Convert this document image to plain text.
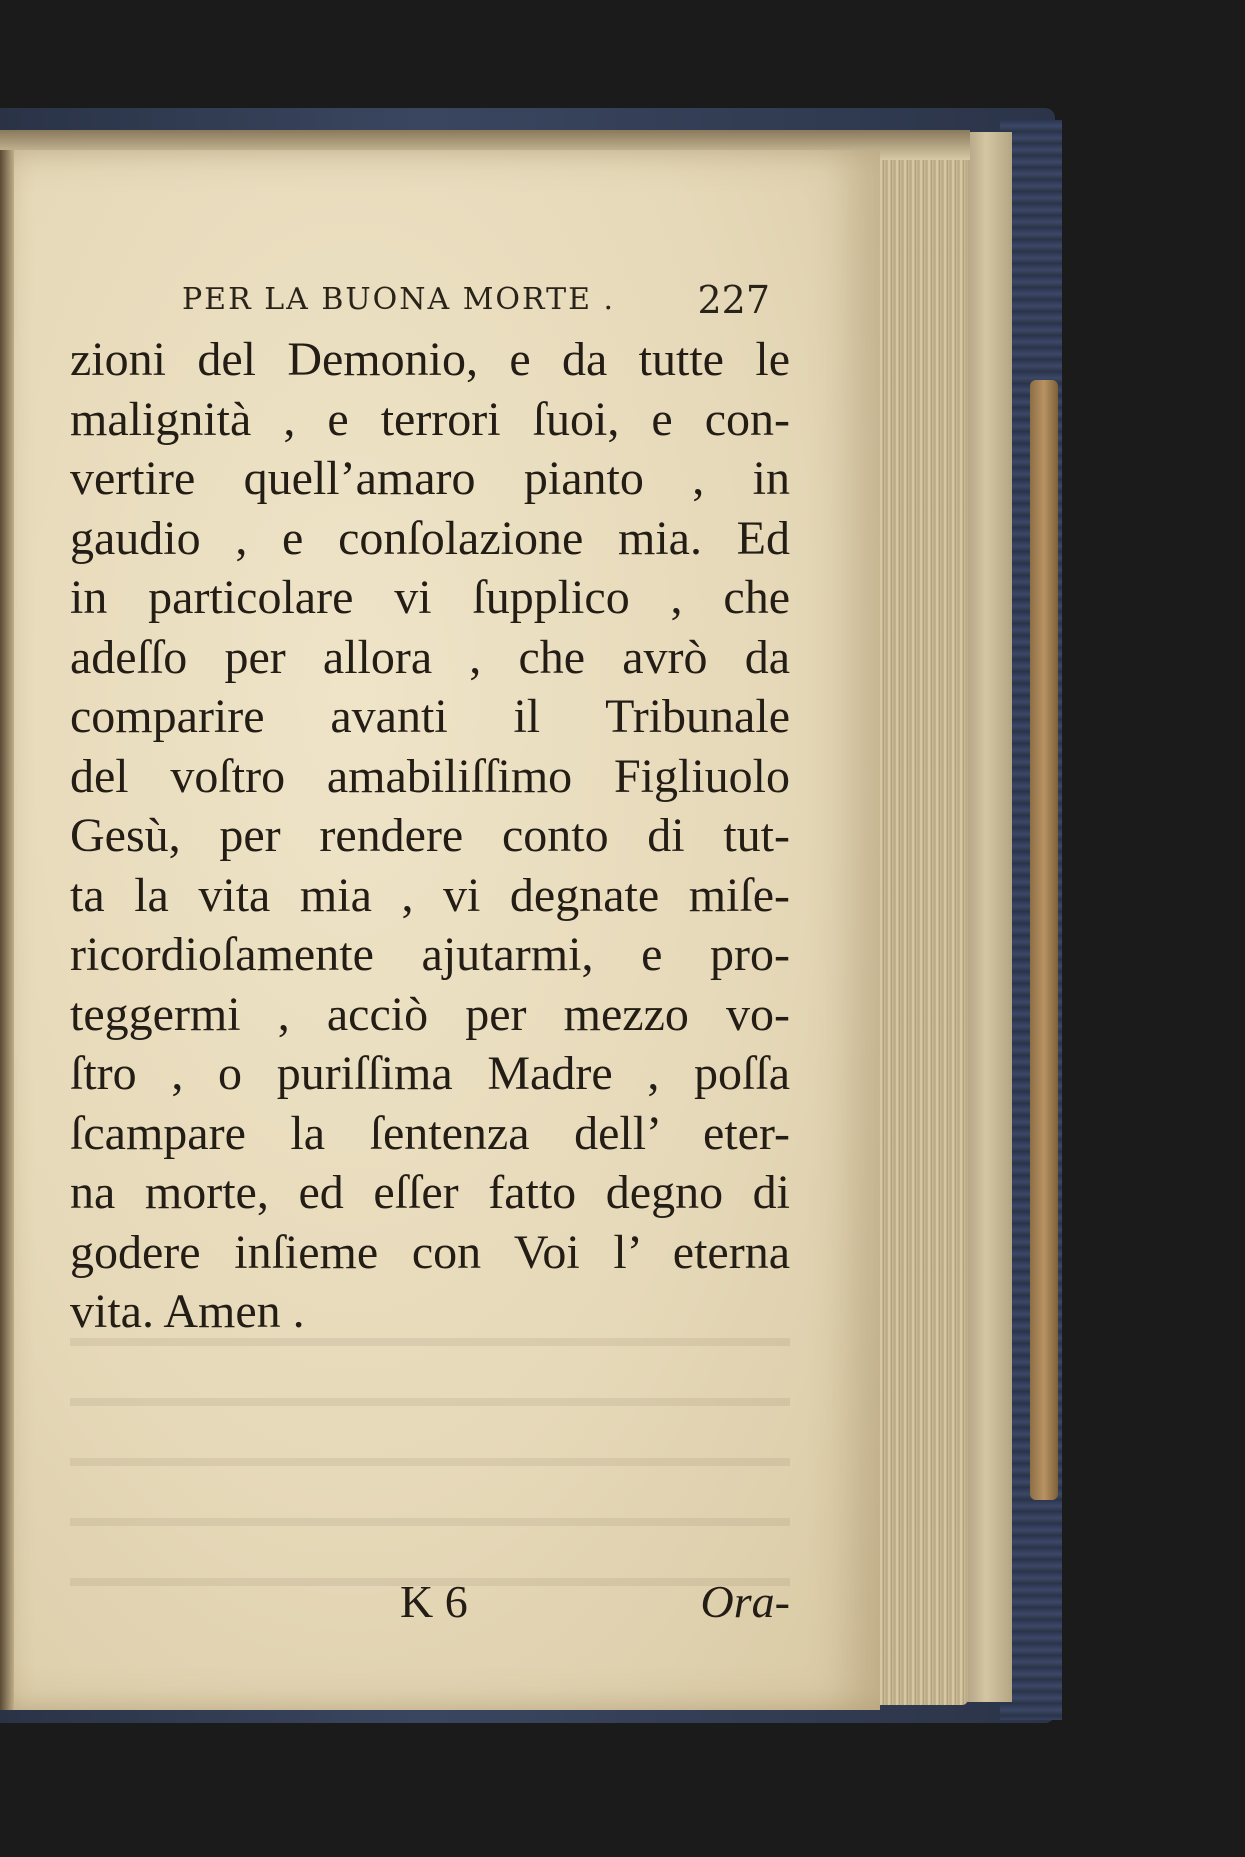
PER LA BUONA MORTE . 227
zioni del Demonio, e da tutte le
malignità , e terrori ſuoi, e con-
vertire quell’amaro pianto , in
gaudio , e conſolazione mia. Ed
in particolare vi ſupplico , che
adeſſo per allora , che avrò da
comparire avanti il Tribunale
del voſtro amabiliſſimo Figliuolo
Gesù, per rendere conto di tut-
ta la vita mia , vi degnate miſe-
ricordioſamente ajutarmi, e pro-
teggermi , acciò per mezzo vo-
ſtro , o puriſſima Madre , poſſa
ſcampare la ſentenza dell’ eter-
na morte, ed eſſer fatto degno di
godere inſieme con Voi l’ eterna
vita. Amen .
K 6	Ora-
